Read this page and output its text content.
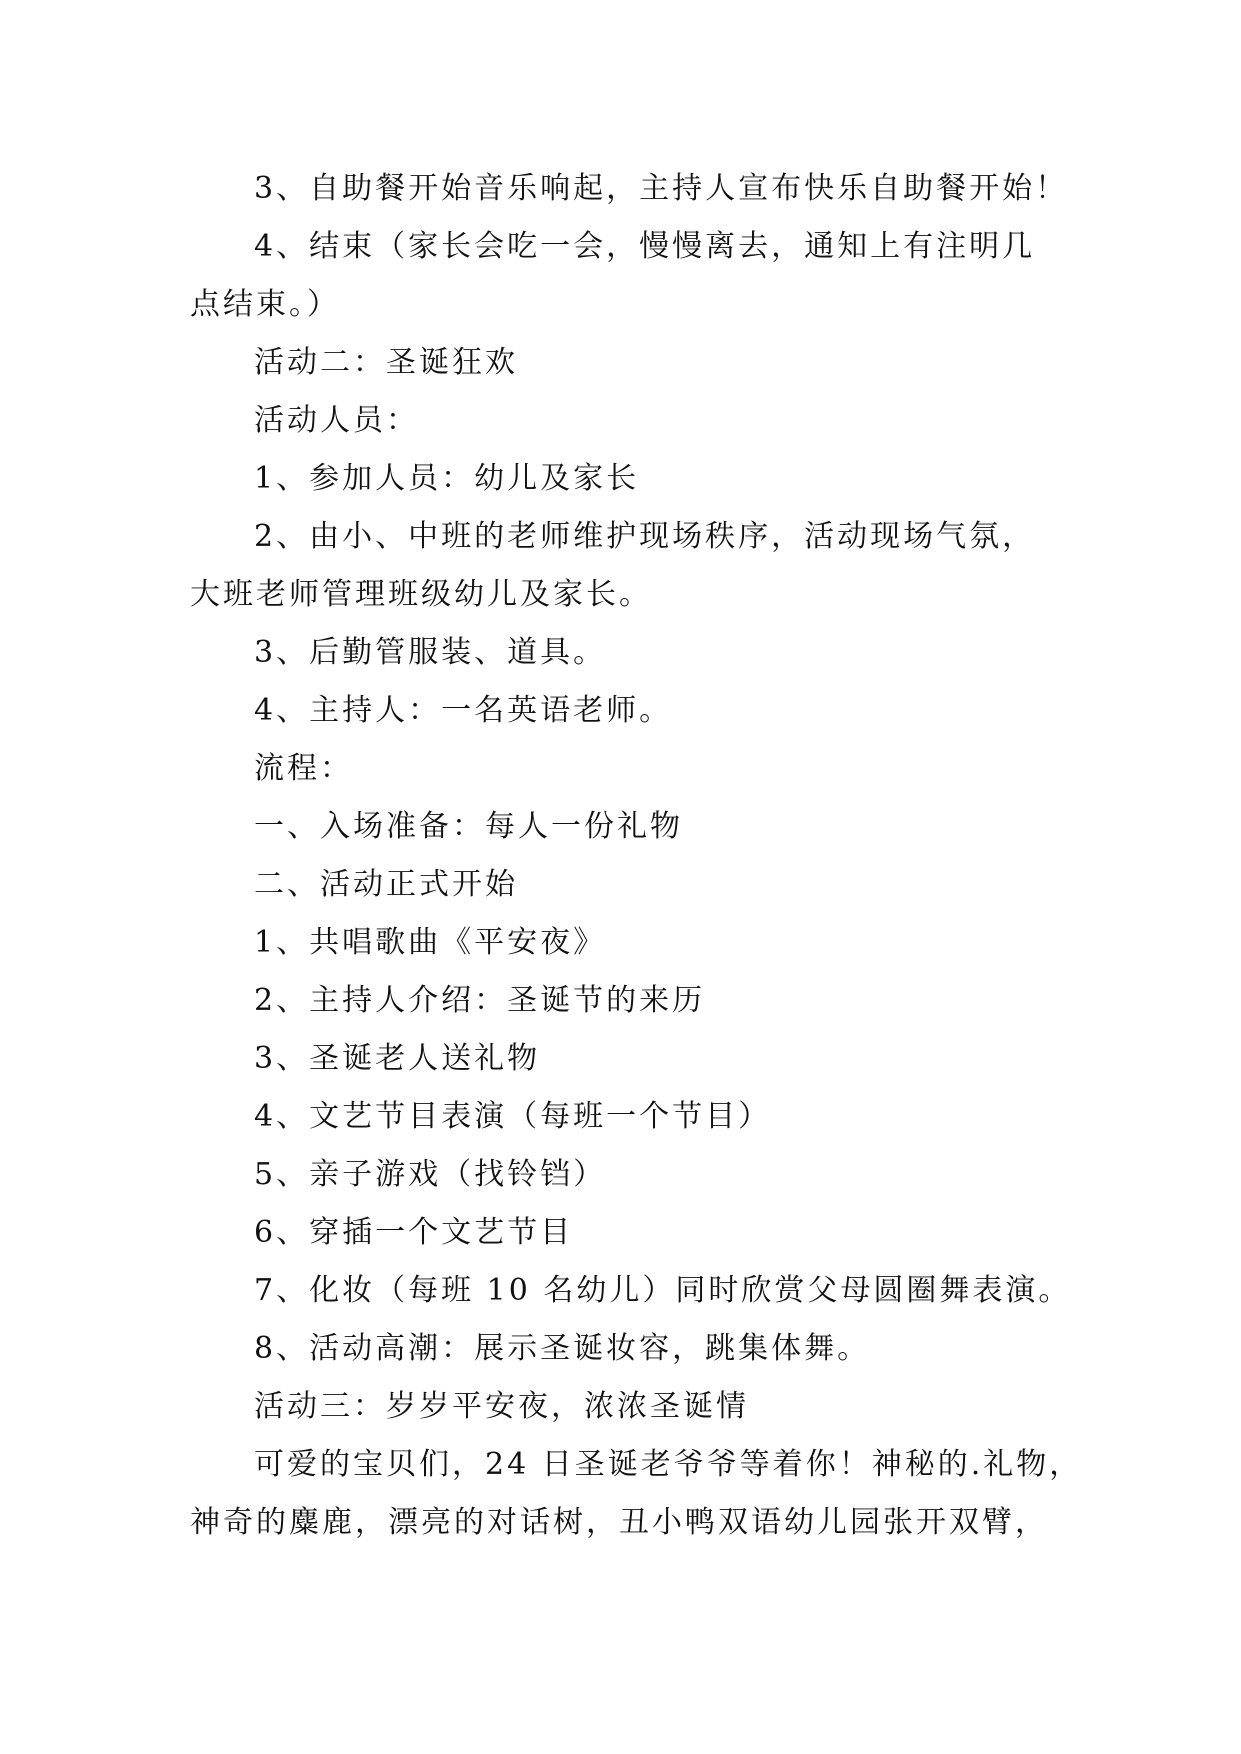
3、自助餐开始音乐响起，主持人宣布快乐自助餐开始！
4、结束（家长会吃一会，慢慢离去，通知上有注明几
点结束。）
活动二：圣诞狂欢
活动人员：
1、参加人员：幼儿及家长
2、由小、中班的老师维护现场秩序，活动现场气氛，
大班老师管理班级幼儿及家长。
3、后勤管服装、道具。
4、主持人：一名英语老师。
流程：
一、入场准备：每人一份礼物
二、活动正式开始
1、共唱歌曲《平安夜》
2、主持人介绍：圣诞节的来历
3、圣诞老人送礼物
4、文艺节目表演（每班一个节目）
5、亲子游戏（找铃铛）
6、穿插一个文艺节目
7、化妆（每班 10 名幼儿）同时欣赏父母圆圈舞表演。
8、活动高潮：展示圣诞妆容，跳集体舞。
活动三：岁岁平安夜，浓浓圣诞情
可爱的宝贝们，24 日圣诞老爷爷等着你！神秘的.礼物，
神奇的麋鹿，漂亮的对话树，丑小鸭双语幼儿园张开双臂，
